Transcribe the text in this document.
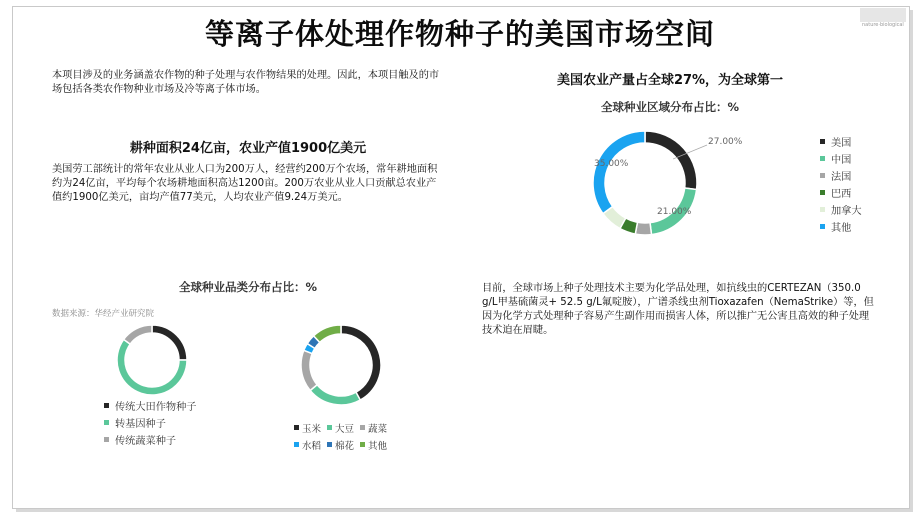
等离子体处理作物种子的美国市场空间	nature·biological
本项目涉及的业务涵盖农作物的种子处理与农作物结果的处理。因此，本项目触及的市场包括各类农作物种业市场及冷等离子体市场。
耕种面积24亿亩，农业产值1900亿美元
美国劳工部统计的常年农业从业人口为200万人，经营约200万个农场，常年耕地面积约为24亿亩，平均每个农场耕地面积高达1200亩。200万农业从业人口贡献总农业产值约1900亿美元，亩均产值77美元，人均农业产值9.24万美元。
美国农业产量占全球27%，为全球第一
全球种业区域分布占比：%
27.00%
21.00%
35.00%
美国
中国
法国
巴西
加拿大
其他
全球种业品类分布占比：%
数据来源：华经产业研究院
传统大田作物种子
转基因种子
传统蔬菜种子
玉米 大豆 蔬菜
水稻 棉花 其他
目前，全球市场上种子处理技术主要为化学品处理，如抗线虫的CERTEZAN（350.0 g/L甲基硫菌灵+ 52.5 g/L氟啶胺），广谱杀线虫剂Tioxazafen（NemaStrike）等，但因为化学方式处理种子容易产生副作用而损害人体，所以推广无公害且高效的种子处理技术迫在眉睫。
